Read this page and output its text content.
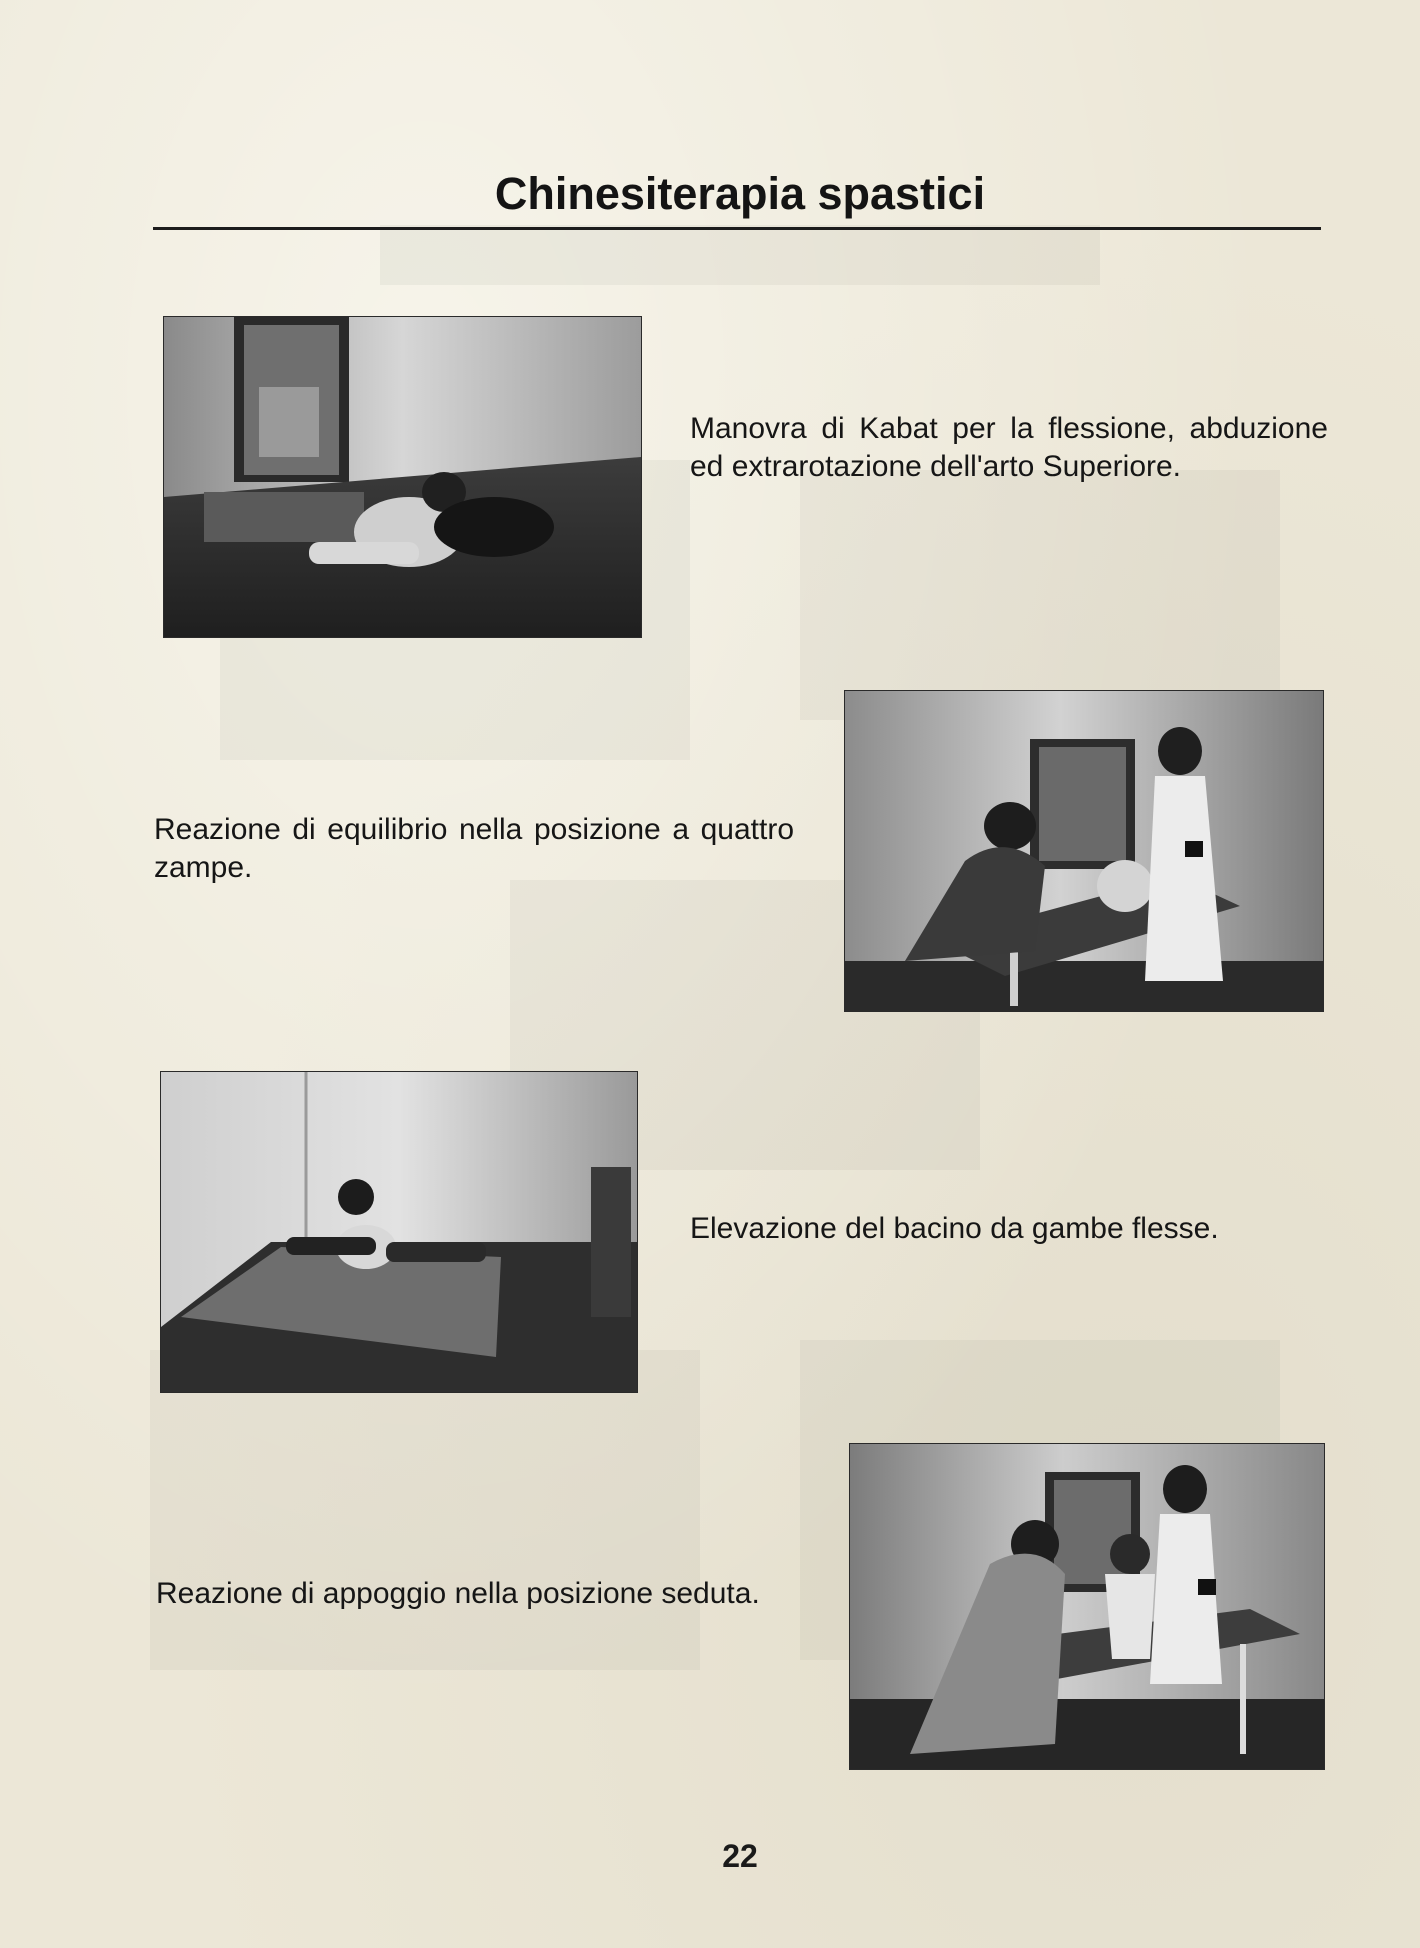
Chinesiterapia spastici

Manovra di Kabat per la flessione, abduzione ed extrarotazione dell'arto Superiore.

Reazione di equilibrio nella posizione a quattro zampe.

Elevazione del bacino da gambe flesse.

Reazione di appoggio nella posizione seduta.

22
